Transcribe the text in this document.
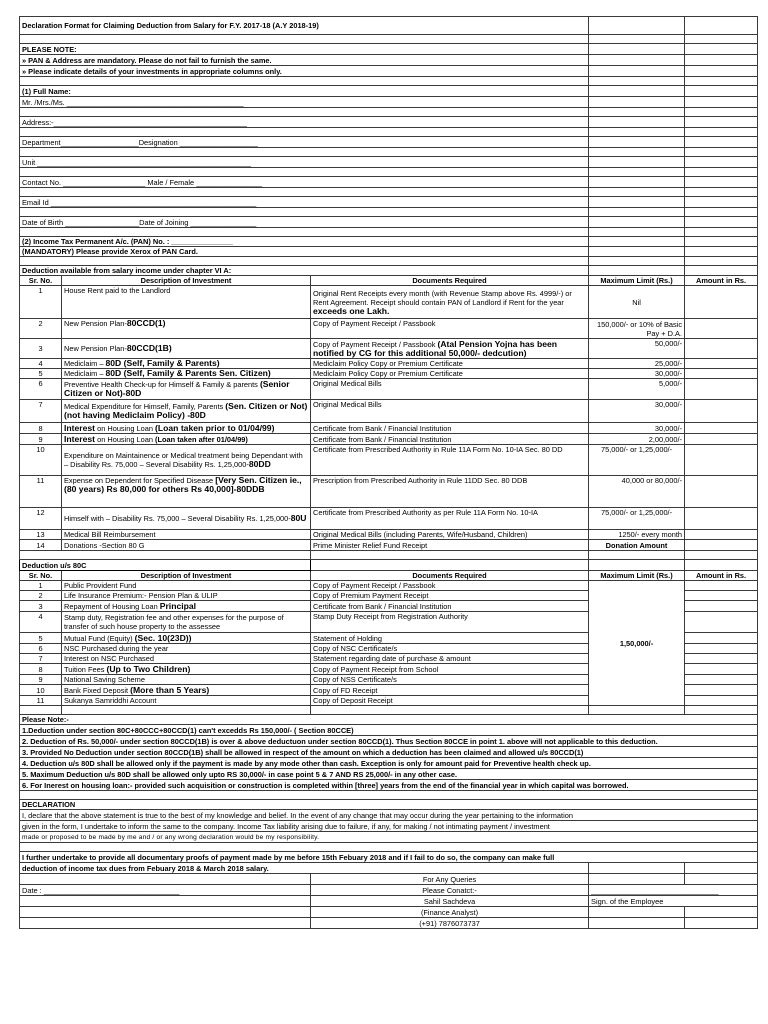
Declaration Format for Claiming Deduction from Salary for F.Y. 2017-18 (A.Y 2018-19)				

PLEASE NOTE:				
» PAN & Address are mandatory. Please do not fail to furnish the same.				
» Please indicate details of your investments in appropriate columns only.				

(1) Full Name:				
Mr. /Mrs./Ms. ___________________________________________				

Address:-_______________________________________________				

Department___________________Designation ___________________				

Unit ____________________________________________________				

Contact No. ____________________ Male / Female ________________				

Email Id __________________________________________________				

Date of Birth __________________Date of Joining ________________				

(2) Income Tax Permanent A/c. (PAN) No. : _______________				
(MANDATORY) Please provide Xerox of PAN Card.				

Deduction available from salary income under chapter VI A:				
Sr. No.	Description of Investment	Documents Required	Maximum Limit (Rs.)	Amount in Rs.
1	House Rent paid to the Landlord	Original Rent Receipts every month (with Revenue Stamp above Rs. 4999/-) or Rent Agreement. Receipt should contain PAN of Landlord if Rent for the year exceeds one Lakh.	Nil	
2	New Pension Plan-80CCD(1)	Copy of Payment Receipt / Passbook	150,000/- or 10% of Basic Pay + D.A.	
3	New Pension Plan-80CCD(1B)	Copy of Payment Receipt / Passbook (Atal Pension Yojna has been notified by CG for this additional 50,000/- dedcution)	50,000/-	
4	Mediclaim – 80D (Self, Family & Parents)	Mediclaim Policy Copy or Premium Certificate	25,000/-	
5	Mediclaim – 80D (Self, Family & Parents Sen. Citizen)	Mediclaim Policy Copy or Premium Certificate	30,000/-	
6	Preventive Health Check-up for Himself & Family & parents (Senior Citizen or Not)-80D	Original Medical Bills	5,000/-	
7	Medical Expenditure for Himself, Family, Parents (Sen. Citizen or Not) (not having Mediclaim Policy) -80D	Original Medical Bills	30,000/-	
8	Interest on Housing Loan (Loan taken prior to 01/04/99)	Certificate from Bank / Financial Institution	30,000/-	
9	Interest on Housing Loan (Loan taken after 01/04/99)	Certificate from Bank / Financial Institution	2,00,000/-	
10	Expenditure on Maintainence or Medical treatment being Dependant with – Disability Rs. 75,000 – Several Disability Rs. 1,25,000-80DD	Certificate from Prescribed Authority in Rule 11A Form No. 10-IA Sec. 80 DD	75,000/- or 1,25,000/-	
11	Expense on Dependent for Specified Disease [Very Sen. Citizen ie., (80 years) Rs 80,000 for others Rs 40,000]-80DDB	Prescription from Prescribed Authority in Rule 11DD Sec. 80 DDB	40,000 or 80,000/-	
12	Himself with – Disability Rs. 75,000 – Several Disability Rs. 1,25,000-80U	Certificate from Prescribed Authority as per Rule 11A Form No. 10-IA	75,000/- or 1,25,000/-	
13	Medical Bill Reimbursement	Original Medical Bills (including Parents, Wife/Husband, Children)	1250/- every month	
14	Donations -Section 80 G	Prime Minister Relief Fund Receipt	Donation Amount	

Deduction u/s 80C				
Sr. No.	Description of Investment	Documents Required	Maximum Limit (Rs.)	Amount in Rs.
1	Public Provident Fund	Copy of Payment Receipt / Passbook	1,50,000/-	
2	Life Insurance Premium:- Pension Plan & ULIP	Copy of Premium Payment Receipt		
3	Repayment of Housing Loan Principal	Certificate from Bank / Financial Institution		
4	Stamp duty, Registration fee and other expenses for the purpose of transfer of such house property to the assessee	Stamp Duty Receipt from Registration Authority		
5	Mutual Fund (Equity) (Sec. 10(23D))	Statement of Holding		
6	NSC Purchased during the year	Copy of NSC Certificate/s		
7	Interest on NSC Purchased	Statement regarding date of purchase & amount		
8	Tuition Fees (Up to Two Children)	Copy of Payment Receipt from School		
9	National Saving Scheme	Copy of NSS Certificate/s		
10	Bank Fixed Deposit (More than 5 Years)	Copy of FD Receipt		
11	Sukanya Samriddhi Account	Copy of Deposit Receipt		

Please Note:-				
1.Deduction under section 80C+80CCC+80CCD(1) can't excedds Rs 150,000/- ( Section 80CCE)				
2. Deduction of Rs. 50,000/- under section 80CCD(1B) is over & above deductuon under section 80CCD(1). Thus Section 80CCE in point 1. above will not applicable to this deduction.				
3. Provided No Deduction under section 80CCD(1B) shall be allowed in respect of the amount on which a deduction has been claimed and allowed u/s 80CCD(1)				
4. Deduction u/s 80D shall be allowed only if the payment is made by any mode other than cash. Exception is only for amount paid for Preventive health check up.				
5. Maximum Deduction u/s 80D shall be allowed only upto RS 30,000/- in case point 5 & 7 AND RS 25,000/- in any other case.				
6. For Inerest on housing loan:- provided such acquisition or construction is completed within [three] years from the end of the financial year in which capital was borrowed.				

DECLARATION				
I, declare that the above statement is true to the best of my knowledge and belief. In the event of any change that may occur during the year pertaining to the information				
given in the form, I undertake to inform the same to the company. Income Tax liability arising due to failure, if any, for making / not intimating payment / investment				
made or proposed to be made by me and / or any wrong declaration would be my responsibility.				

I further undertake to provide all documentary proofs of payment made by me before 15th Febuary 2018 and if I fail to do so, the company can make full				
deduction of income tax dues from Febuary 2018 & March 2018 salary.				
		For Any Queries		
Date : _________________________________		Please Conatct:-	_______________________________	
		Sahil Sachdeva	Sign. of the Employee	
		(Finance Analyst)		
		(+91) 7876073737		
